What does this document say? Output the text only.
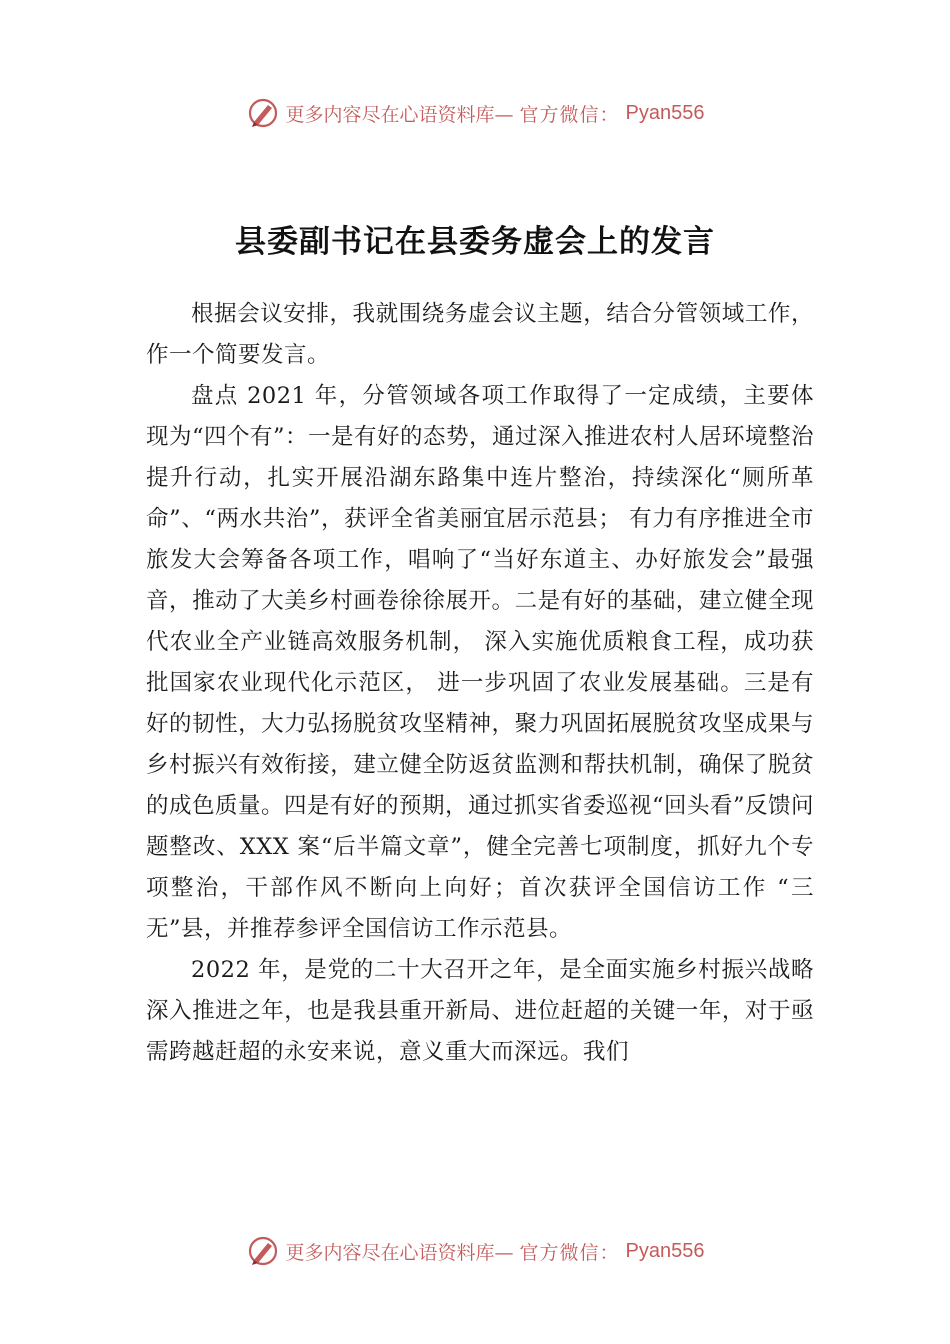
更多内容尽在心语资料库— 官方微信： Pyan556
县委副书记在县委务虚会上的发言

根据会议安排，我就围绕务虚会议主题，结合分管领域工作，作一个简要发言。

盘点 2021 年，分管领域各项工作取得了一定成绩，主要体现为“四个有”：一是有好的态势，通过深入推进农村人居环境整治提升行动，扎实开展沿湖东路集中连片整治，持续深化“厕所革命”、“两水共治”，获评全省美丽宜居示范县； 有力有序推进全市旅发大会筹备各项工作，唱响了“当好东道主、办好旅发会”最强音，推动了大美乡村画卷徐徐展开。二是有好的基础，建立健全现代农业全产业链高效服务机制， 深入实施优质粮食工程，成功获批国家农业现代化示范区， 进一步巩固了农业发展基础。三是有好的韧性，大力弘扬脱贫攻坚精神，聚力巩固拓展脱贫攻坚成果与乡村振兴有效衔接，建立健全防返贫监测和帮扶机制，确保了脱贫的成色质量。四是有好的预期，通过抓实省委巡视“回头看”反馈问题整改、XXX 案“后半篇文章”，健全完善七项制度，抓好九个专项整治，干部作风不断向上向好；首次获评全国信访工作 “三无”县，并推荐参评全国信访工作示范县。

2022 年，是党的二十大召开之年，是全面实施乡村振兴战略深入推进之年，也是我县重开新局、进位赶超的关键一年，对于亟需跨越赶超的永安来说，意义重大而深远。我们

更多内容尽在心语资料库— 官方微信： Pyan556
